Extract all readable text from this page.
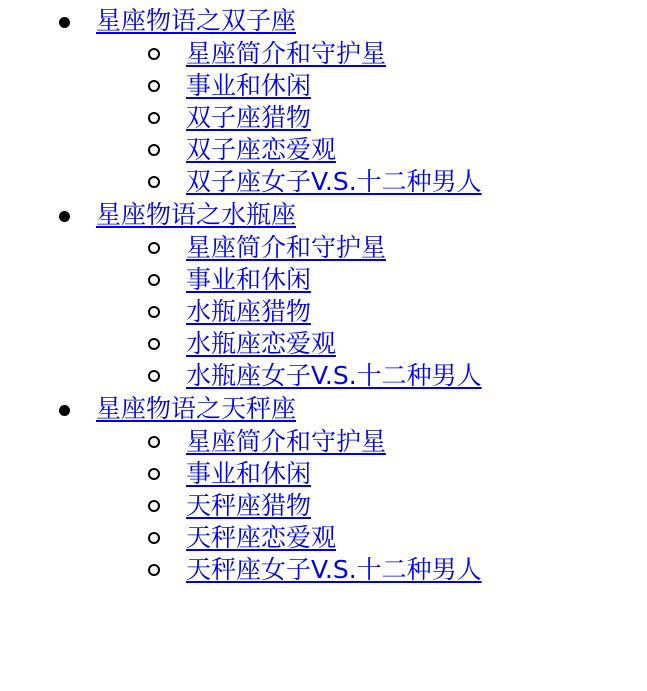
星座物语之双子座
星座简介和守护星
事业和休闲
双子座猎物
双子座恋爱观
双子座女子V.S.十二种男人
星座物语之水瓶座
星座简介和守护星
事业和休闲
水瓶座猎物
水瓶座恋爱观
水瓶座女子V.S.十二种男人
星座物语之天秤座
星座简介和守护星
事业和休闲
天秤座猎物
天秤座恋爱观
天秤座女子V.S.十二种男人
